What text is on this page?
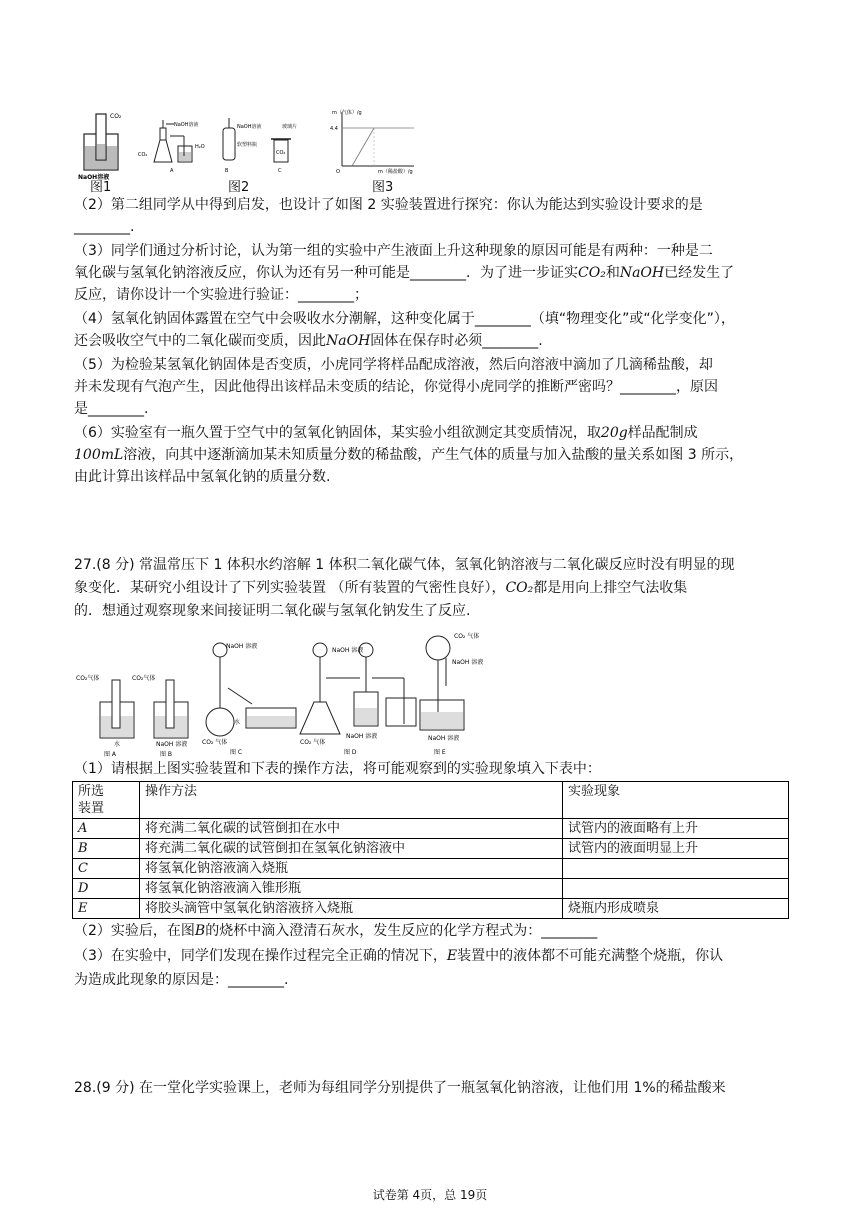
CO₂
NaOH溶液
NaOH溶液
CO₂
H₂O
A
NaOH溶液
软塑料瓶
B
玻璃片
CO₂
C
m（气体）/g
4.4
O	m（稀盐酸）/g
图1	图2	图3

（2）第二组同学从中得到启发，也设计了如图 2 实验装置进行探究：你认为能达到实验设计要求的是

________.

（3）同学们通过分析讨论，认为第一组的实验中产生液面上升这种现象的原因可能是有两种：一种是二

氧化碳与氢氧化钠溶液反应，你认为还有另一种可能是________．为了进一步证实CO₂和NaOH已经发生了

反应，请你设计一个实验进行验证：________；

（4）氢氧化钠固体露置在空气中会吸收水分潮解，这种变化属于________（填“物理变化”或“化学变化”），

还会吸收空气中的二氧化碳而变质，因此NaOH固体在保存时必须________.

（5）为检验某氢氧化钠固体是否变质，小虎同学将样品配成溶液，然后向溶液中滴加了几滴稀盐酸，却

并未发现有气泡产生，因此他得出该样品未变质的结论，你觉得小虎同学的推断严密吗？________，原因

是________.

（6）实验室有一瓶久置于空气中的氢氧化钠固体，某实验小组欲测定其变质情况，取20g样品配制成

100mL溶液，向其中逐渐滴加某未知质量分数的稀盐酸，产生气体的质量与加入盐酸的量关系如图 3 所示，

由此计算出该样品中氢氧化钠的质量分数.

27.(8 分) 常温常压下 1 体积水约溶解 1 体积二氧化碳气体，氢氧化钠溶液与二氧化碳反应时没有明显的现

象变化．某研究小组设计了下列实验装置 （所有装置的气密性良好），CO₂都是用向上排空气法收集

的．想通过观察现象来间接证明二氧化碳与氢氧化钠发生了反应.

CO₂气体
水
图 A
CO₂气体
NaOH 溶液
图 B
NaOH 溶液
水
CO₂ 气体
图 C
NaOH 溶液
CO₂ 气体
NaOH 溶液
图 D
CO₂ 气体
NaOH 溶液
NaOH 溶液
图 E

（1）请根据上图实验装置和下表的操作方法，将可能观察到的实验现象填入下表中：

所选
装置	操作方法	实验现象
A	将充满二氧化碳的试管倒扣在水中	试管内的液面略有上升
B	将充满二氧化碳的试管倒扣在氢氧化钠溶液中	试管内的液面明显上升
C	将氢氧化钠溶液滴入烧瓶	
D	将氢氧化钠溶液滴入锥形瓶	
E	将胶头滴管中氢氧化钠溶液挤入烧瓶	烧瓶内形成喷泉

（2）实验后，在图B的烧杯中滴入澄清石灰水，发生反应的化学方程式为：________

（3）在实验中，同学们发现在操作过程完全正确的情况下，E装置中的液体都不可能充满整个烧瓶，你认

为造成此现象的原因是：________.

28.(9 分) 在一堂化学实验课上，老师为每组同学分别提供了一瓶氢氧化钠溶液，让他们用 1%的稀盐酸来

试卷第 4页，总 19页
